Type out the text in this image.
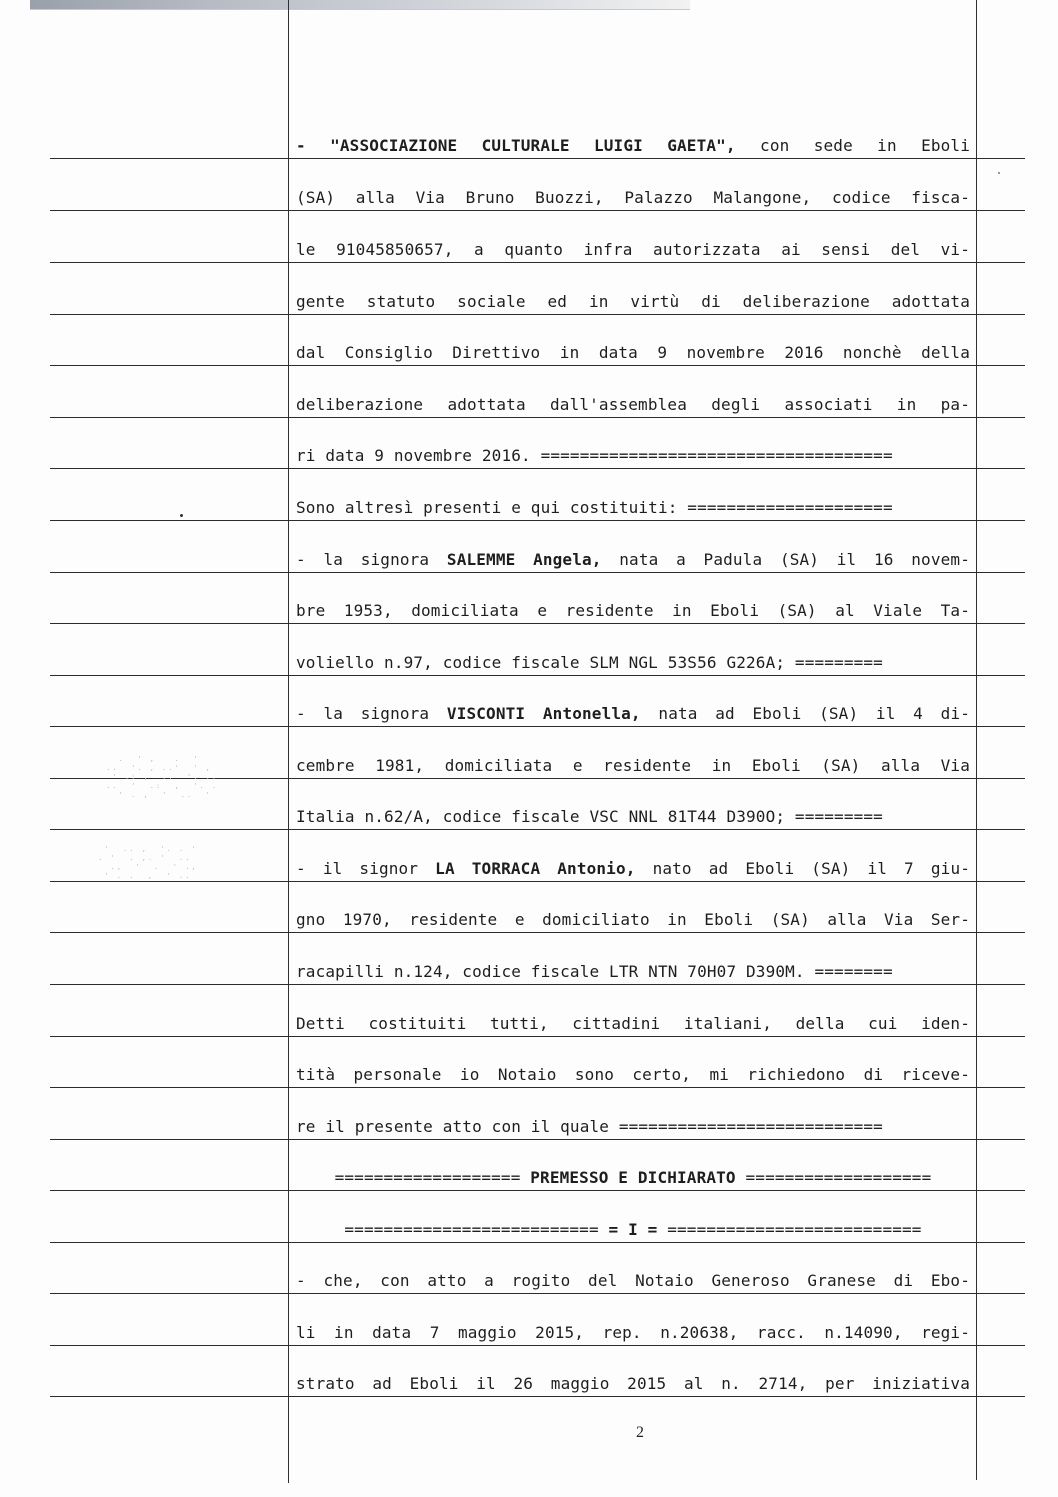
- "ASSOCIAZIONE CULTURALE LUIGI GAETA", con sede in Eboli
(SA) alla Via Bruno Buozzi, Palazzo Malangone, codice fisca-
le 91045850657, a quanto infra autorizzata ai sensi del vi-
gente statuto sociale ed in virtù di deliberazione adottata
dal Consiglio Direttivo in data 9 novembre 2016 nonchè della
deliberazione adottata dall'assemblea degli associati in pa-
ri data 9 novembre 2016. ====================================
Sono altresì presenti e qui costituiti: =====================
- la signora SALEMME Angela, nata a Padula (SA) il 16 novem-
bre 1953, domiciliata e residente in Eboli (SA) al Viale Ta-
voliello n.97, codice fiscale SLM NGL 53S56 G226A; =========
- la signora VISCONTI Antonella, nata ad Eboli (SA) il 4 di-
cembre 1981, domiciliata e residente in Eboli (SA) alla Via
Italia n.62/A, codice fiscale VSC NNL 81T44 D390O; =========
- il signor LA TORRACA Antonio, nato ad Eboli (SA) il 7 giu-
gno 1970, residente e domiciliato in Eboli (SA) alla Via Ser-
racapilli n.124, codice fiscale LTR NTN 70H07 D390M. ========
Detti costituiti tutti, cittadini italiani, della cui iden-
tità personale io Notaio sono certo, mi richiedono di riceve-
re il presente atto con il quale ===========================
=================== PREMESSO E DICHIARATO ===================
========================== = I = ==========================
- che, con atto a rogito del Notaio Generoso Granese di Ebo-
li in data 7 maggio 2015, rep. n.20638, racc. n.14090, regi-
strato ad Eboli il 26 maggio 2015 al n. 2714, per iniziativa
.  ' ,   .  '
..  '. , ..'  ' ,
' .: ,  ..  '. ..
..  '  .:  ,  '. .
' . ,  '  ..  '
'  .. ,  '. . '
. '  . ,. '  ..
.,  '  .  ' .,
' . .  ,  ' ..
2
